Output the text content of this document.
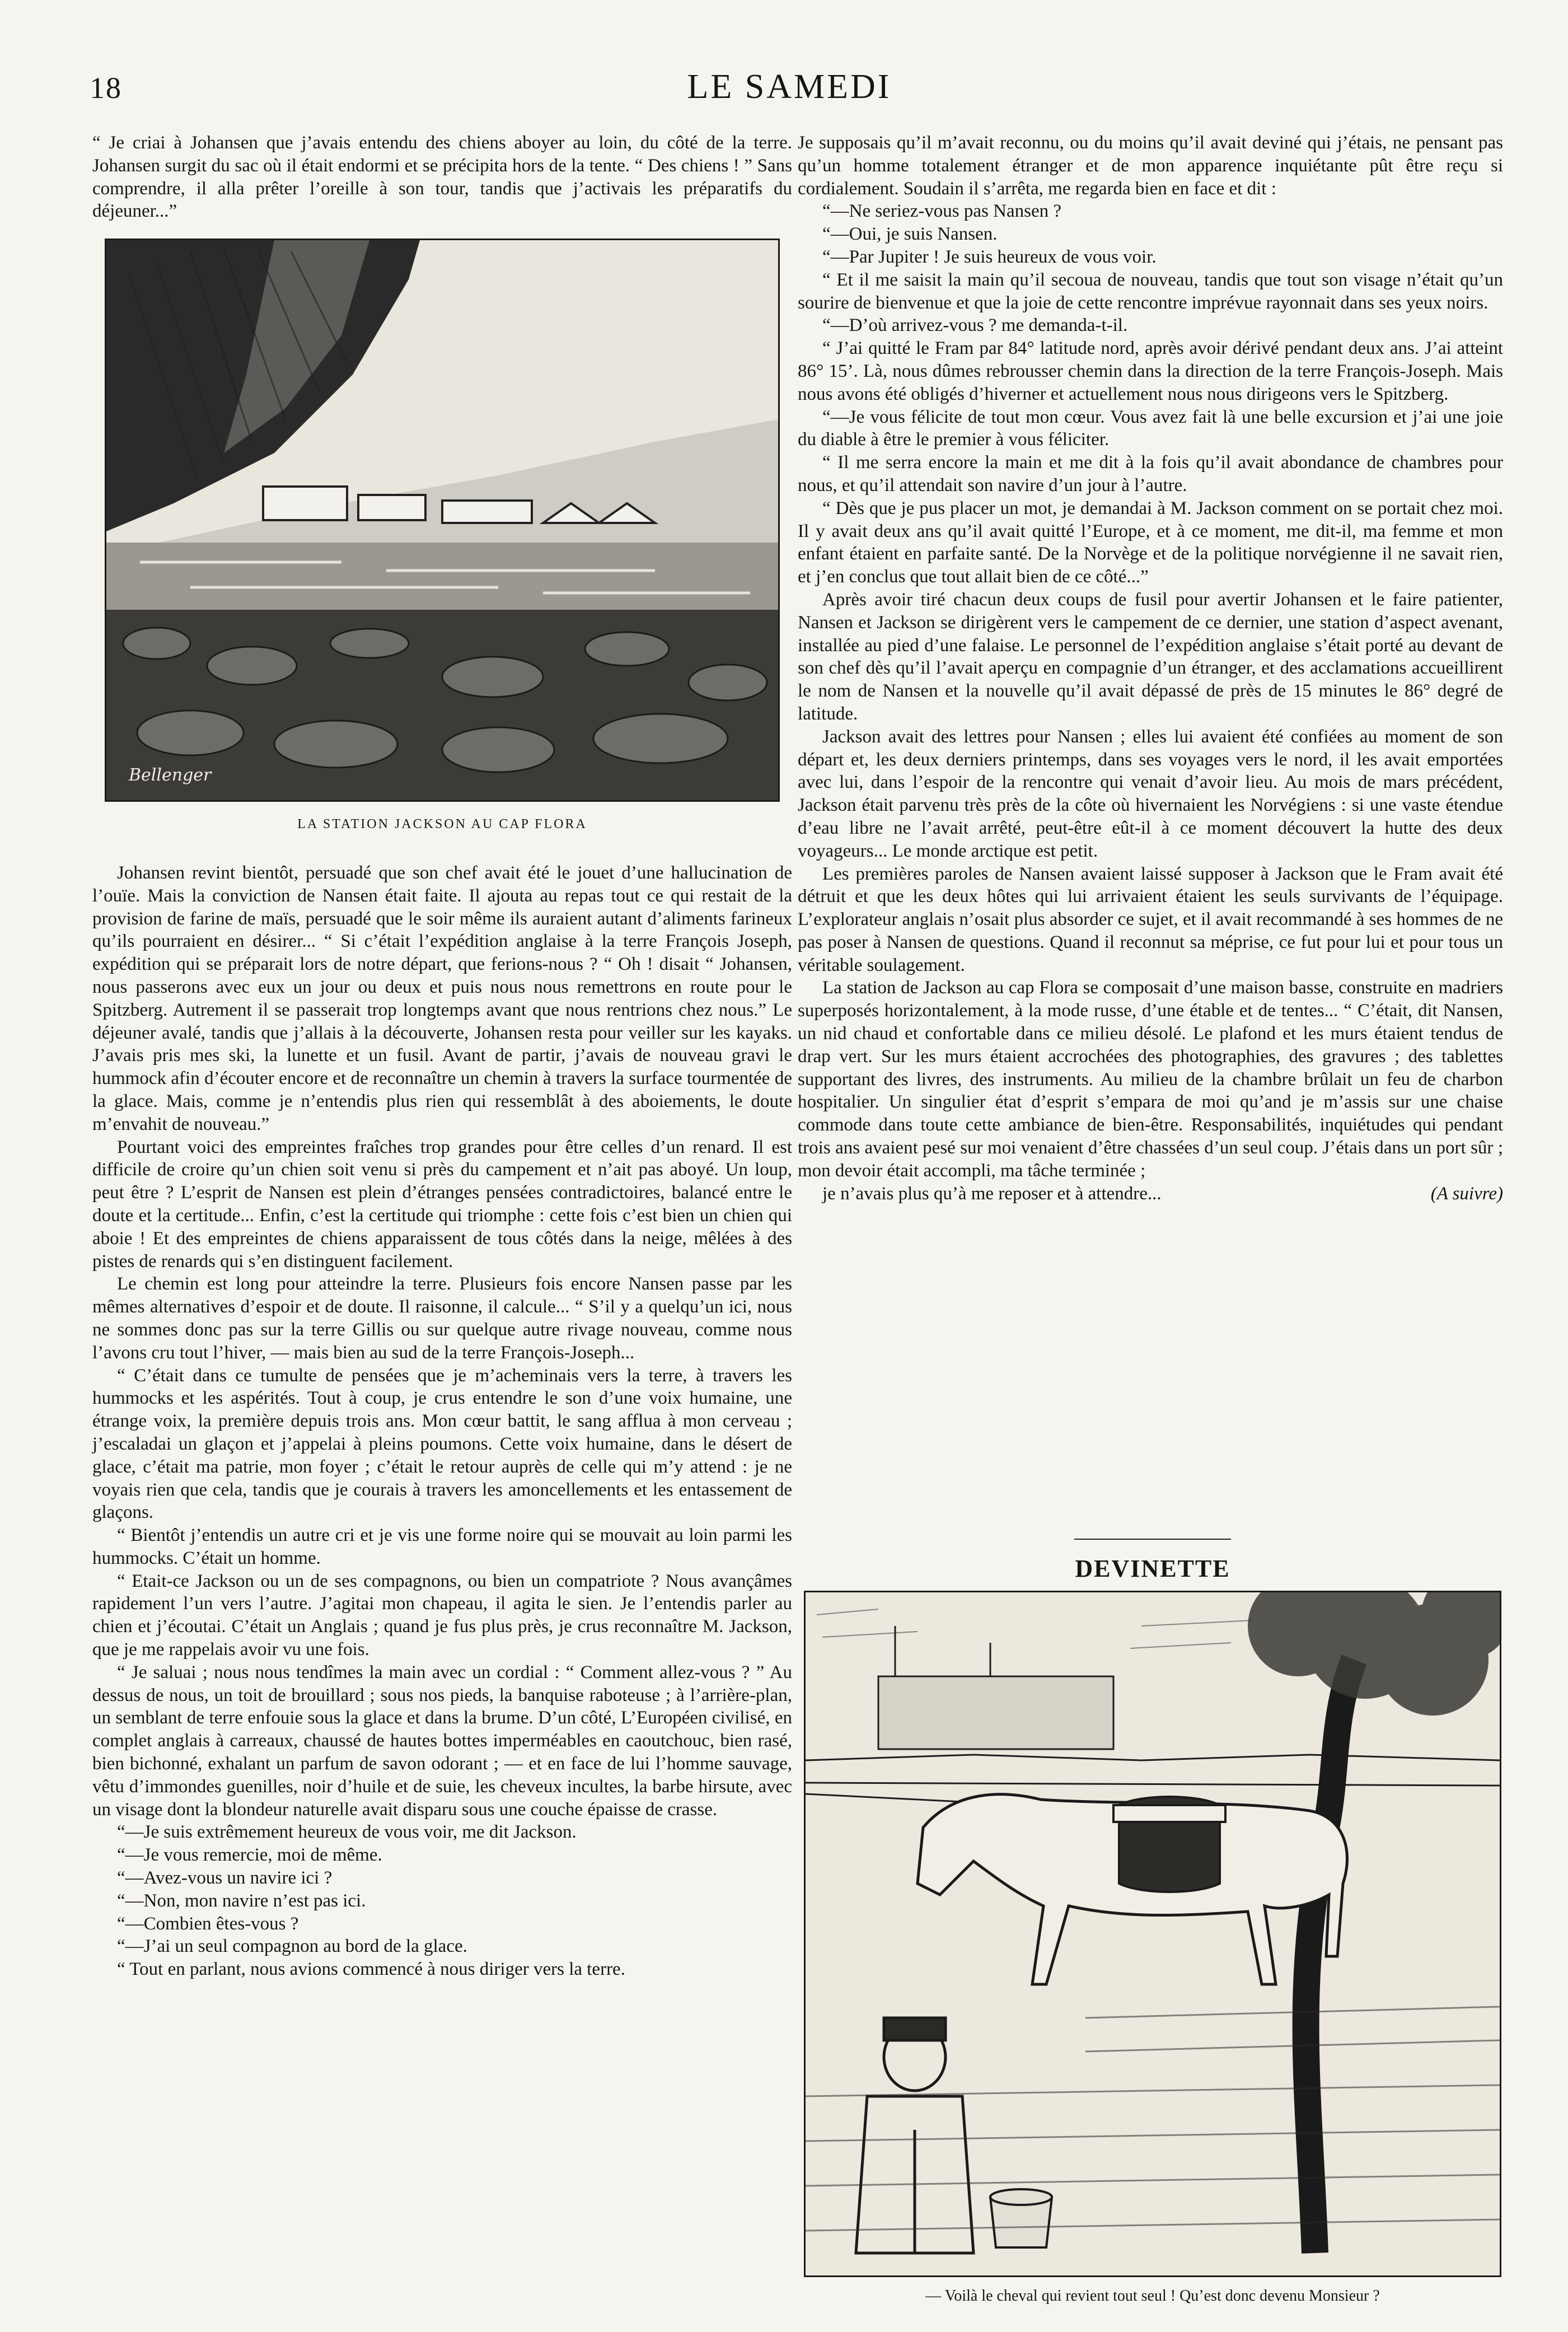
18	LE SAMEDI

“ Je criai à Johansen que j’avais entendu des chiens aboyer au loin, du côté de la terre. Johansen surgit du sac où il était endormi et se précipita hors de la tente. “ Des chiens ! ” Sans comprendre, il alla prêter l’oreille à son tour, tandis que j’activais les préparatifs du déjeuner...”

Bellenger
LA STATION JACKSON AU CAP FLORA

Johansen revint bientôt, persuadé que son chef avait été le jouet d’une hallucination de l’ouïe. Mais la conviction de Nansen était faite. Il ajouta au repas tout ce qui restait de la provision de farine de maïs, persuadé que le soir même ils auraient autant d’aliments farineux qu’ils pourraient en désirer... “ Si c’était l’expédition anglaise à la terre François Joseph, expédition qui se préparait lors de notre départ, que ferions-nous ? “ Oh ! disait “ Johansen, nous passerons avec eux un jour ou deux et puis nous nous remettrons en route pour le Spitzberg. Autrement il se passerait trop longtemps avant que nous rentrions chez nous.” Le déjeuner avalé, tandis que j’allais à la découverte, Johansen resta pour veiller sur les kayaks. J’avais pris mes ski, la lunette et un fusil. Avant de partir, j’avais de nouveau gravi le hummock afin d’écouter encore et de reconnaître un chemin à travers la surface tourmentée de la glace. Mais, comme je n’entendis plus rien qui ressemblât à des aboiements, le doute m’envahit de nouveau.”

Pourtant voici des empreintes fraîches trop grandes pour être celles d’un renard. Il est difficile de croire qu’un chien soit venu si près du campement et n’ait pas aboyé. Un loup, peut être ? L’esprit de Nansen est plein d’étranges pensées contradictoires, balancé entre le doute et la certitude... Enfin, c’est la certitude qui triomphe : cette fois c’est bien un chien qui aboie ! Et des empreintes de chiens apparaissent de tous côtés dans la neige, mêlées à des pistes de renards qui s’en distinguent facilement.

Le chemin est long pour atteindre la terre. Plusieurs fois encore Nansen passe par les mêmes alternatives d’espoir et de doute. Il raisonne, il calcule... “ S’il y a quelqu’un ici, nous ne sommes donc pas sur la terre Gillis ou sur quelque autre rivage nouveau, comme nous l’avons cru tout l’hiver, — mais bien au sud de la terre François-Joseph...

“ C’était dans ce tumulte de pensées que je m’acheminais vers la terre, à travers les hummocks et les aspérités. Tout à coup, je crus entendre le son d’une voix humaine, une étrange voix, la première depuis trois ans. Mon cœur battit, le sang afflua à mon cerveau ; j’escaladai un glaçon et j’appelai à pleins poumons. Cette voix humaine, dans le désert de glace, c’était ma patrie, mon foyer ; c’était le retour auprès de celle qui m’y attend : je ne voyais rien que cela, tandis que je courais à travers les amoncellements et les entassement de glaçons.

“ Bientôt j’entendis un autre cri et je vis une forme noire qui se mouvait au loin parmi les hummocks. C’était un homme.

“ Etait-ce Jackson ou un de ses compagnons, ou bien un compatriote ? Nous avançâmes rapidement l’un vers l’autre. J’agitai mon chapeau, il agita le sien. Je l’entendis parler au chien et j’écoutai. C’était un Anglais ; quand je fus plus près, je crus reconnaître M. Jackson, que je me rappelais avoir vu une fois.

“ Je saluai ; nous nous tendîmes la main avec un cordial : “ Comment allez-vous ? ” Au dessus de nous, un toit de brouillard ; sous nos pieds, la banquise raboteuse ; à l’arrière-plan, un semblant de terre enfouie sous la glace et dans la brume. D’un côté, L’Européen civilisé, en complet anglais à carreaux, chaussé de hautes bottes imperméables en caoutchouc, bien rasé, bien bichonné, exhalant un parfum de savon odorant ; — et en face de lui l’homme sauvage, vêtu d’immondes guenilles, noir d’huile et de suie, les cheveux incultes, la barbe hirsute, avec un visage dont la blondeur naturelle avait disparu sous une couche épaisse de crasse.

“—Je suis extrêmement heureux de vous voir, me dit Jackson.

“—Je vous remercie, moi de même.

“—Avez-vous un navire ici ?

“—Non, mon navire n’est pas ici.

“—Combien êtes-vous ?

“—J’ai un seul compagnon au bord de la glace.

“ Tout en parlant, nous avions commencé à nous diriger vers la terre.

Je supposais qu’il m’avait reconnu, ou du moins qu’il avait deviné qui j’étais, ne pensant pas qu’un homme totalement étranger et de mon apparence inquiétante pût être reçu si cordialement. Soudain il s’arrêta, me regarda bien en face et dit :

“—Ne seriez-vous pas Nansen ?

“—Oui, je suis Nansen.

“—Par Jupiter ! Je suis heureux de vous voir.

“ Et il me saisit la main qu’il secoua de nouveau, tandis que tout son visage n’était qu’un sourire de bienvenue et que la joie de cette rencontre imprévue rayonnait dans ses yeux noirs.

“—D’où arrivez-vous ? me demanda-t-il.

“ J’ai quitté le Fram par 84° latitude nord, après avoir dérivé pendant deux ans. J’ai atteint 86° 15’. Là, nous dûmes rebrousser chemin dans la direction de la terre François-Joseph. Mais nous avons été obligés d’hiverner et actuellement nous nous dirigeons vers le Spitzberg.

“—Je vous félicite de tout mon cœur. Vous avez fait là une belle excursion et j’ai une joie du diable à être le premier à vous féliciter.

“ Il me serra encore la main et me dit à la fois qu’il avait abondance de chambres pour nous, et qu’il attendait son navire d’un jour à l’autre.

“ Dès que je pus placer un mot, je demandai à M. Jackson comment on se portait chez moi. Il y avait deux ans qu’il avait quitté l’Europe, et à ce moment, me dit-il, ma femme et mon enfant étaient en parfaite santé. De la Norvège et de la politique norvégienne il ne savait rien, et j’en conclus que tout allait bien de ce côté...”

Après avoir tiré chacun deux coups de fusil pour avertir Johansen et le faire patienter, Nansen et Jackson se dirigèrent vers le campement de ce dernier, une station d’aspect avenant, installée au pied d’une falaise. Le personnel de l’expédition anglaise s’était porté au devant de son chef dès qu’il l’avait aperçu en compagnie d’un étranger, et des acclamations accueillirent le nom de Nansen et la nouvelle qu’il avait dépassé de près de 15 minutes le 86° degré de latitude.

Jackson avait des lettres pour Nansen ; elles lui avaient été confiées au moment de son départ et, les deux derniers printemps, dans ses voyages vers le nord, il les avait emportées avec lui, dans l’espoir de la rencontre qui venait d’avoir lieu. Au mois de mars précédent, Jackson était parvenu très près de la côte où hivernaient les Norvégiens : si une vaste étendue d’eau libre ne l’avait arrêté, peut-être eût-il à ce moment découvert la hutte des deux voyageurs... Le monde arctique est petit.

Les premières paroles de Nansen avaient laissé supposer à Jackson que le Fram avait été détruit et que les deux hôtes qui lui arrivaient étaient les seuls survivants de l’équipage. L’explorateur anglais n’osait plus absorder ce sujet, et il avait recommandé à ses hommes de ne pas poser à Nansen de questions. Quand il reconnut sa méprise, ce fut pour lui et pour tous un véritable soulagement.

La station de Jackson au cap Flora se composait d’une maison basse, construite en madriers superposés horizontalement, à la mode russe, d’une étable et de tentes... “ C’était, dit Nansen, un nid chaud et confortable dans ce milieu désolé. Le plafond et les murs étaient tendus de drap vert. Sur les murs étaient accrochées des photographies, des gravures ; des tablettes supportant des livres, des instruments. Au milieu de la chambre brûlait un feu de charbon hospitalier. Un singulier état d’esprit s’empara de moi qu’and je m’assis sur une chaise commode dans toute cette ambiance de bien-être. Responsabilités, inquiétudes qui pendant trois ans avaient pesé sur moi venaient d’être chassées d’un seul coup. J’étais dans un port sûr ; mon devoir était accompli, ma tâche terminée ;

je n’avais plus qu’à me reposer et à attendre...	(A suivre)

DEVINETTE
— Voilà le cheval qui revient tout seul ! Qu’est donc devenu Monsieur ?
